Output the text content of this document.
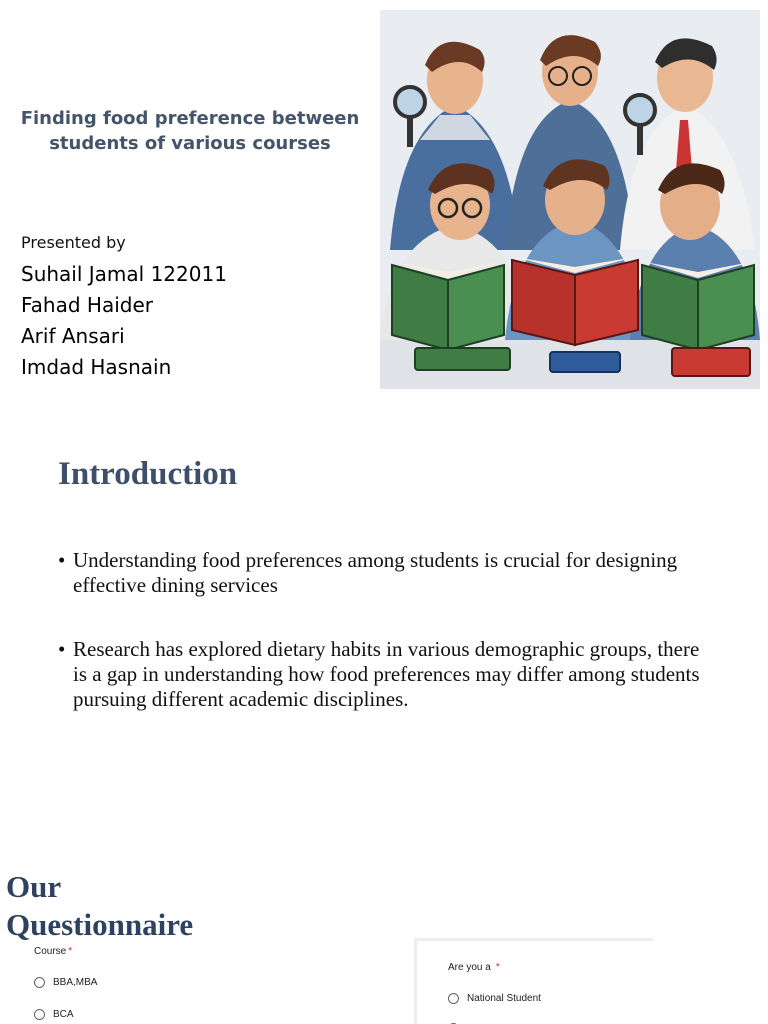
Finding food preference between
students of various courses
Presented by
Suhail Jamal 122011
Fahad Haider
Arif Ansari
Imdad Hasnain
Introduction
• Understanding food preferences among students is crucial for designing effective dining services
• Research has explored dietary habits in various demographic groups, there is a gap in understanding how food preferences may differ among students pursuing different academic disciplines.
Our
Questionnaire
Course *
BBA,MBA
BCA
Are you a *
National Student
